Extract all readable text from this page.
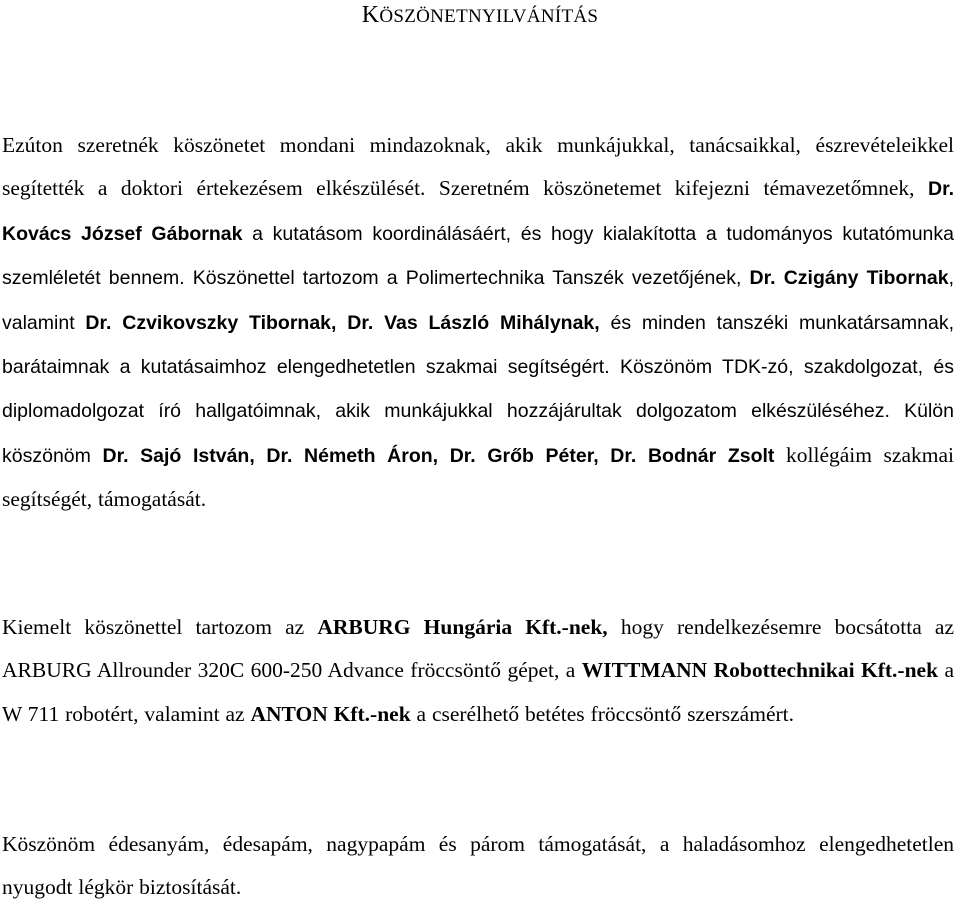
KÖSZÖNETNYILVÁNÍTÁS

Ezúton szeretnék köszönetet mondani mindazoknak, akik munkájukkal, tanácsaikkal, észrevételeikkel segítették a doktori értekezésem elkészülését. Szeretném köszönetemet kifejezni témavezetőmnek, Dr. Kovács József Gábornak a kutatásom koordinálásáért, és hogy kialakította a tudományos kutatómunka szemléletét bennem. Köszönettel tartozom a Polimertechnika Tanszék vezetőjének, Dr. Czigány Tibornak, valamint Dr. Czvikovszky Tibornak, Dr. Vas László Mihálynak, és minden tanszéki munkatársamnak, barátaimnak a kutatásaimhoz elengedhetetlen szakmai segítségért. Köszönöm TDK-zó, szakdolgozat, és diplomadolgozat író hallgatóimnak, akik munkájukkal hozzájárultak dolgozatom elkészüléséhez. Külön köszönöm Dr. Sajó István, Dr. Németh Áron, Dr. Grőb Péter, Dr. Bodnár Zsolt kollégáim szakmai segítségét, támogatását.

Kiemelt köszönettel tartozom az ARBURG Hungária Kft.-nek, hogy rendelkezésemre bocsátotta az ARBURG Allrounder 320C 600-250 Advance fröccsöntő gépet, a WITTMANN Robottechnikai Kft.-nek a W 711 robotért, valamint az ANTON Kft.-nek a cserélhető betétes fröccsöntő szerszámért.

Köszönöm édesanyám, édesapám, nagypapám és párom támogatását, a haladásomhoz elengedhetetlen nyugodt légkör biztosítását.
